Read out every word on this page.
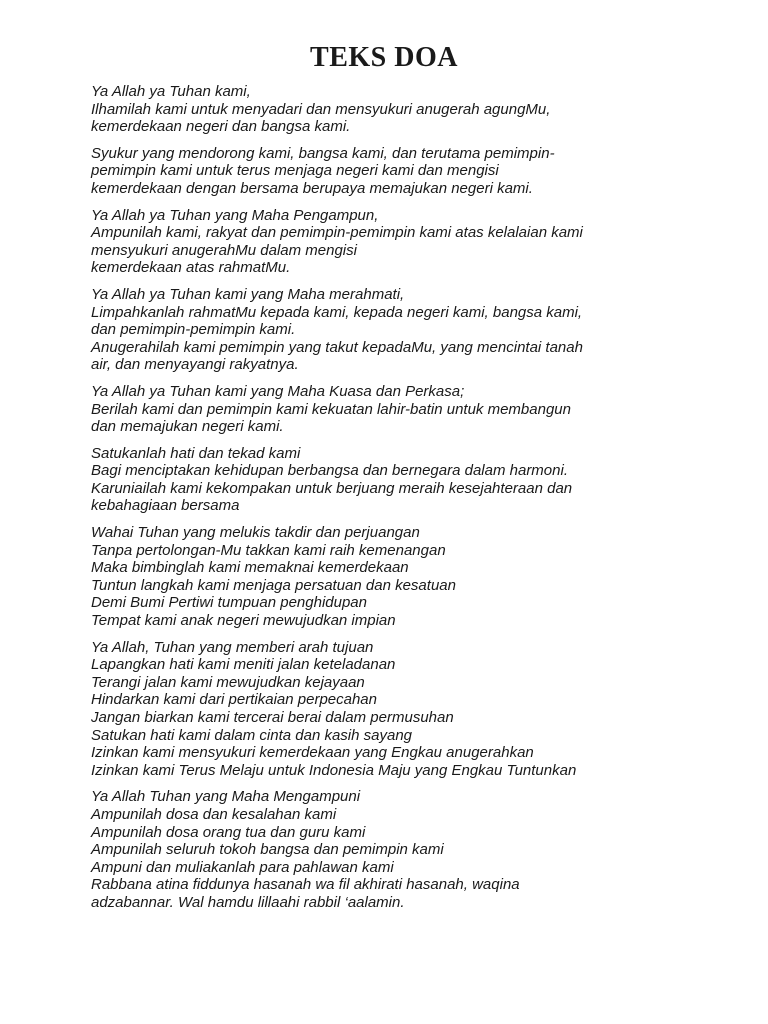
TEKS DOA

Ya Allah ya Tuhan kami,
Ilhamilah kami untuk menyadari dan mensyukuri anugerah agungMu,
kemerdekaan negeri dan bangsa kami.

Syukur yang mendorong kami, bangsa kami, dan terutama pemimpin-
pemimpin kami untuk terus menjaga negeri kami dan mengisi
kemerdekaan dengan bersama berupaya memajukan negeri kami.

Ya Allah ya Tuhan yang Maha Pengampun,
Ampunilah kami, rakyat dan pemimpin-pemimpin kami atas kelalaian kami
mensyukuri anugerahMu dalam mengisi
kemerdekaan atas rahmatMu.

Ya Allah ya Tuhan kami yang Maha merahmati,
Limpahkanlah rahmatMu kepada kami, kepada negeri kami, bangsa kami,
dan pemimpin-pemimpin kami.
Anugerahilah kami pemimpin yang takut kepadaMu, yang mencintai tanah
air, dan menyayangi rakyatnya.

Ya Allah ya Tuhan kami yang Maha Kuasa dan Perkasa;
Berilah kami dan pemimpin kami kekuatan lahir-batin untuk membangun
dan memajukan negeri kami.

Satukanlah hati dan tekad kami
Bagi menciptakan kehidupan berbangsa dan bernegara dalam harmoni.
Karuniailah kami kekompakan untuk berjuang meraih kesejahteraan dan
kebahagiaan bersama

Wahai Tuhan yang melukis takdir dan perjuangan
Tanpa pertolongan-Mu takkan kami raih kemenangan
Maka bimbinglah kami memaknai kemerdekaan
Tuntun langkah kami menjaga persatuan dan kesatuan
Demi Bumi Pertiwi tumpuan penghidupan
Tempat kami anak negeri mewujudkan impian

Ya Allah, Tuhan yang memberi arah tujuan
Lapangkan hati kami meniti jalan keteladanan
Terangi jalan kami mewujudkan kejayaan
Hindarkan kami dari pertikaian perpecahan
Jangan biarkan kami tercerai berai dalam permusuhan
Satukan hati kami dalam cinta dan kasih sayang
Izinkan kami mensyukuri kemerdekaan yang Engkau anugerahkan
Izinkan kami Terus Melaju untuk Indonesia Maju yang Engkau Tuntunkan

Ya Allah Tuhan yang Maha Mengampuni
Ampunilah dosa dan kesalahan kami
Ampunilah dosa orang tua dan guru kami
Ampunilah seluruh tokoh bangsa dan pemimpin kami
Ampuni dan muliakanlah para pahlawan kami
Rabbana atina fiddunya hasanah wa fil akhirati hasanah, waqina
adzabannar. Wal hamdu lillaahi rabbil ‘aalamin.
